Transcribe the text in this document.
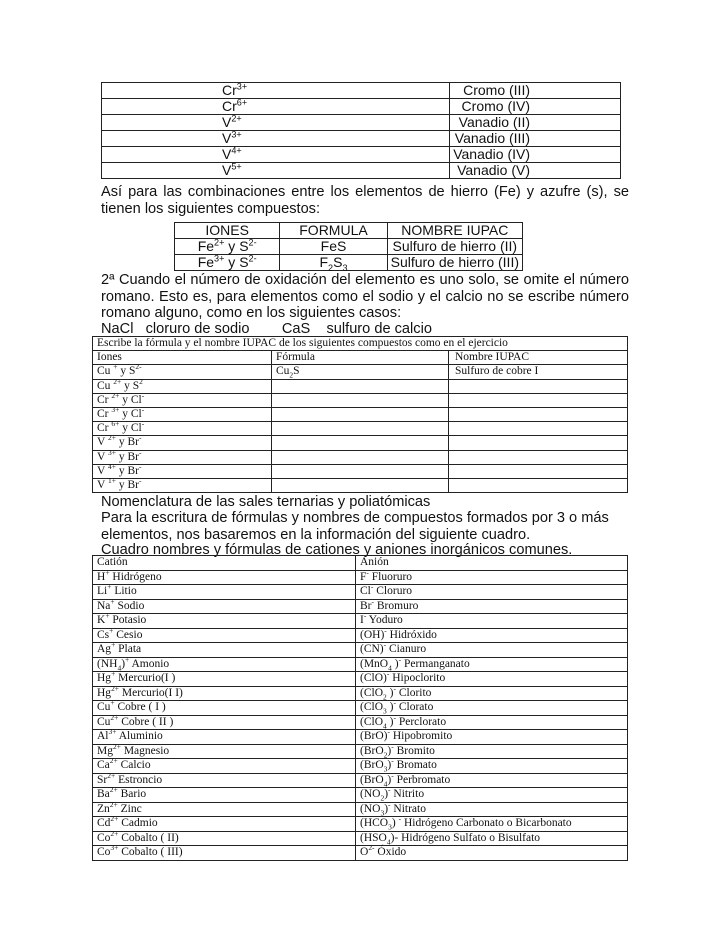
$Cr^{3+}$	Cromo (III)
$Cr^{6+}$	Cromo (IV)
$V^{2+}$	Vanadio (II)
$V^{3+}$	Vanadio (III)
$V^{4+}$	Vanadio (IV)
$V^{5+}$	Vanadio (V)
Así para las combinaciones entre los elementos de hierro (Fe) y azufre (s), se tienen los siguientes compuestos:
IONES	FORMULA	NOMBRE IUPAC
$Fe^{2+}$ y $S^{2-}$	FeS	Sulfuro de hierro (II)
$Fe^{3+}$ y $S^{2-}$	$F_2S_3$	Sulfuro de hierro (III)
2ª Cuando el número de oxidación del elemento es uno solo, se omite el número romano. Esto es, para elementos como el sodio y el calcio no se escribe número romano alguno, como en los siguientes casos:
NaCl   cloruro de sodio        CaS    sulfuro de calcio
Escribe la fórmula y el nombre IUPAC de los siguientes compuestos como en el ejercicio		
Iones	Fórmula	Nombre IUPAC
Cu + y $S^{2-}$	$Cu_2S$	Sulfuro de cobre I
Cu $^{2+}$ y $S^2$		
Cr $^{2+}$ y Cl-		
Cr $^{3+}$ y Cl-		
Cr $^{6+}$ y Cl-		
V $^{2+}$ y Br-		
V $^{3+}$ y Br-		
V $^{4+}$ y Br-		
V $^{1+}$ y Br-		
Nomenclatura de las sales ternarias y poliatómicas
Para la escritura de fórmulas y nombres de compuestos formados por 3 o más elementos, nos basaremos en la información del siguiente cuadro.
Cuadro nombres y fórmulas de cationes y aniones inorgánicos comunes.
Catión	Anión
H+ Hidrógeno	F- Fluoruro
Li+ Litio	Cl- Cloruro
Na+ Sodio	Br- Bromuro
K+ Potasio	I- Yoduro
Cs+ Cesio	(OH)- Hidróxido
Ag+ Plata	(CN)- Cianuro
$(NH_4)^+$ Amonio	(MnO$_4$ )- Permanganato
Hg+ Mercurio(I )	(ClO)- Hipoclorito
$Hg^{2+}$ Mercurio(I I)	(ClO$_2$ )- Clorito
Cu+ Cobre ( I )	(ClO$_3$ )- Clorato
$Cu^{2+}$ Cobre ( II )	(ClO$_4$ )- Perclorato
$Al^{3+}$ Aluminio	(BrO)- Hipobromito
$Mg^{2+}$ Magnesio	(BrO$_2$)- Bromito
$Ca^{2+}$ Calcio	(BrO$_3$)- Bromato
$Sr^{2+}$ Estroncio	(BrO$_4$)- Perbromato
$Ba^{2+}$ Bario	$(NO_2)^-$ Nitrito
$Zn^{2+}$ Zinc	$(NO_3)^-$ Nitrato
$Cd^{2+}$ Cadmio	$(HCO_3)$ - Hidrógeno Carbonato o Bicarbonato
$Co^{2+}$ Cobalto ( II)	$(HSO_4)-$ Hidrógeno Sulfato o Bisulfato
$Co^{3+}$ Cobalto ( III)	$O^{2-}$ Óxido
